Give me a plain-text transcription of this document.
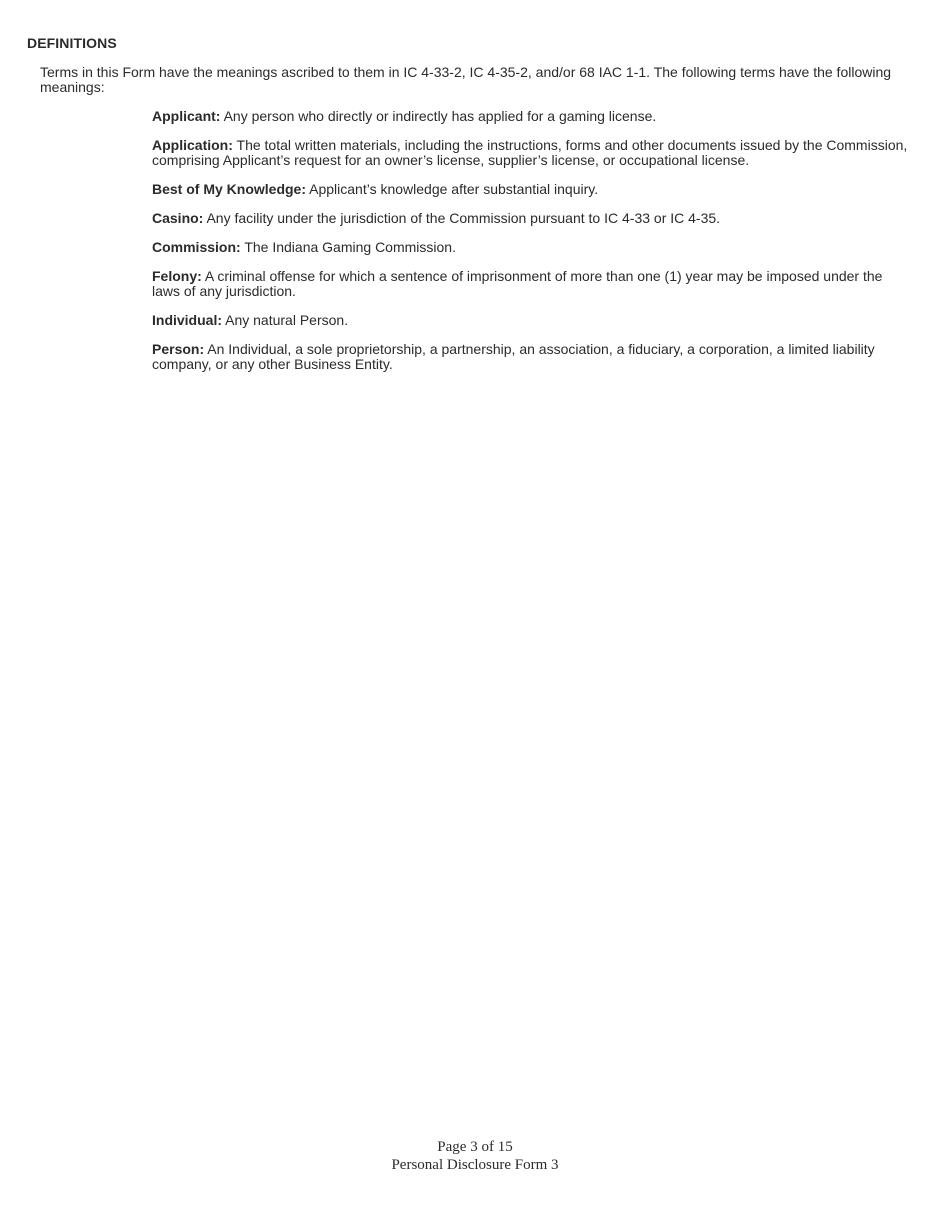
DEFINITIONS

Terms in this Form have the meanings ascribed to them in IC 4-33-2, IC 4-35-2, and/or 68 IAC 1-1. The following terms have the following meanings:

Applicant: Any person who directly or indirectly has applied for a gaming license.
Application: The total written materials, including the instructions, forms and other documents issued by the Commission, comprising Applicant’s request for an owner’s license, supplier’s license, or occupational license.
Best of My Knowledge: Applicant’s knowledge after substantial inquiry.
Casino: Any facility under the jurisdiction of the Commission pursuant to IC 4-33 or IC 4-35.
Commission: The Indiana Gaming Commission.
Felony: A criminal offense for which a sentence of imprisonment of more than one (1) year may be imposed under the laws of any jurisdiction.
Individual: Any natural Person.
Person: An Individual, a sole proprietorship, a partnership, an association, a fiduciary, a corporation, a limited liability company, or any other Business Entity.
Page 3 of 15
Personal Disclosure Form 3
